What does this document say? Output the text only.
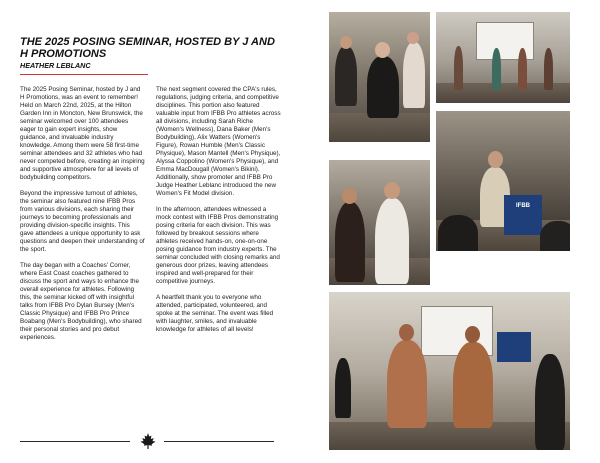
THE 2025 POSING SEMINAR, HOSTED BY J AND H PROMOTIONS
HEATHER LEBLANC

The 2025 Posing Seminar, hosted by J and H Promotions, was an event to remember! Held on March 22nd, 2025, at the Hilton Garden Inn in Moncton, New Brunswick, the seminar welcomed over 100 attendees eager to gain expert insights, show guidance, and invaluable industry knowledge. Among them were 58 first-time seminar attendees and 32 athletes who had never competed before, creating an inspiring and supportive atmosphere for all levels of bodybuilding competitors.

Beyond the impressive turnout of athletes, the seminar also featured nine IFBB Pros from various divisions, each sharing their journeys to becoming professionals and providing division-specific insights. This gave attendees a unique opportunity to ask questions and deepen their understanding of the sport.

The day began with a Coaches' Corner, where East Coast coaches gathered to discuss the sport and ways to enhance the overall experience for athletes. Following this, the seminar kicked off with insightful talks from IFBB Pro Dylan Bursey (Men's Classic Physique) and IFBB Pro Prince Boabang (Men's Bodybuilding), who shared their personal stories and pro debut experiences.

The next segment covered the CPA's rules, regulations, judging criteria, and competitive disciplines. This portion also featured valuable input from IFBB Pro athletes across all divisions, including Sarah Riche (Women's Wellness), Dana Baker (Men's Bodybuilding), Alix Watters (Women's Figure), Rowan Humble (Men's Classic Physique), Mason Mantell (Men's Physique), Alyssa Coppolino (Women's Physique), and Emma MacDougall (Women's Bikini). Additionally, show promoter and IFBB Pro Judge Heather Leblanc introduced the new Women's Fit Model division.

In the afternoon, attendees witnessed a mock contest with IFBB Pros demonstrating posing criteria for each division. This was followed by breakout sessions where athletes received hands-on, one-on-one posing guidance from industry experts. The seminar concluded with closing remarks and generous door prizes, leaving attendees inspired and well-prepared for their competitive journeys.

A heartfelt thank you to everyone who attended, participated, volunteered, and spoke at the seminar. The event was filled with laughter, smiles, and invaluable knowledge for athletes of all levels!

IFBB
